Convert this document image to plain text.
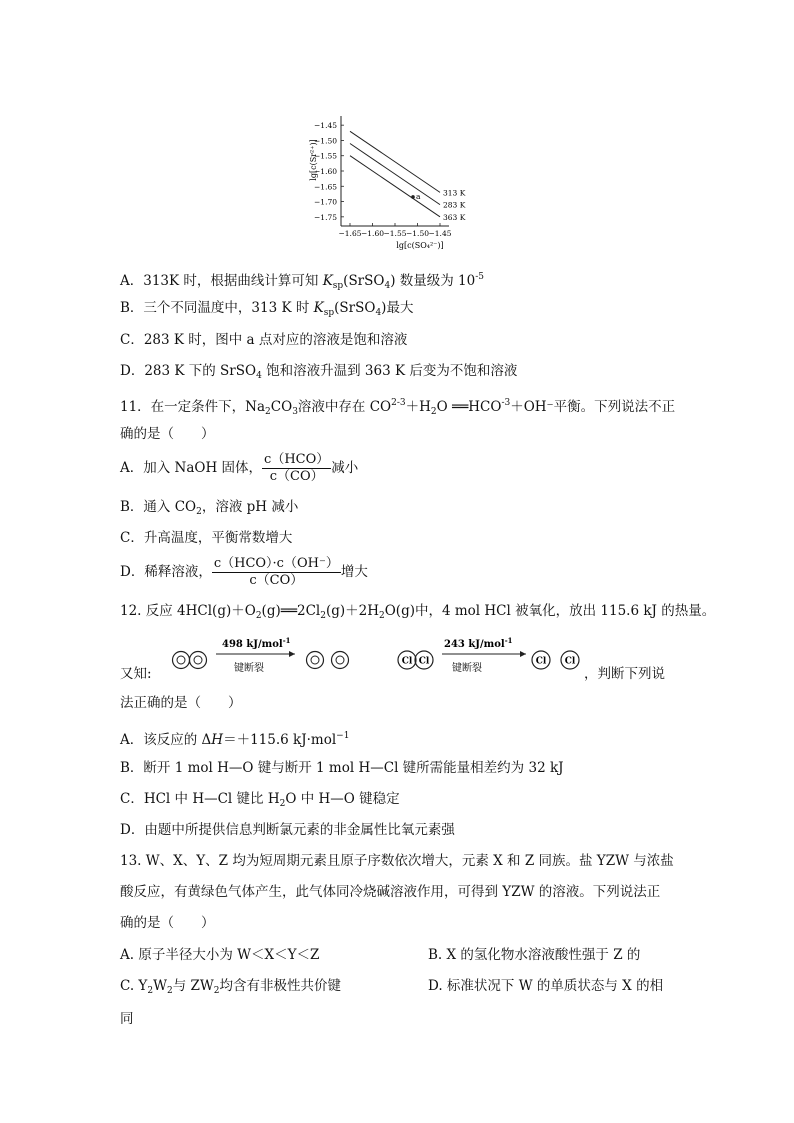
−1.45
−1.50
−1.55
−1.60
−1.65
−1.70
−1.75
−1.65 −1.60 −1.55 −1.50 −1.45
313 K
283 K
363 K
a
lg[c(Sr²⁺)]
lg[c(SO₄²⁻)]
A．313K 时，根据曲线计算可知 $K_{sp}(SrSO_4)$ 数量级为 $10^{-5}$
B．三个不同温度中，313 K 时 $K_{sp}(SrSO_4)$最大
C．283 K 时，图中 a 点对应的溶液是饱和溶液
D．283 K 下的 SrSO$_4$ 饱和溶液升温到 363 K 后变为不饱和溶液
11．在一定条件下，$Na_2CO_3$溶液中存在 $CO^{2-3}+H_2O$ $══HCO^{-3}+OH^-$平衡。下列说法不正
确的是（　　）
A．加入 NaOH 固体， $\frac{\text{c（HCO）}}{c(CO)}$ 减小
B．通入 $CO_2$，溶液 pH 减小
C．升高温度，平衡常数增大
D．稀释溶液， $\frac{\text{c（HCO）·c（OH⁻）}}{c(CO)}$ 增大
12. 反应 $4HCl(g)+O_2(g)══2Cl_2(g)+2H_2O(g)$中，4 mol HCl 被氧化，放出 115.6 kJ 的热量。
498 kJ/mol$^{-1}$
键断裂
Cl Cl
243 kJ/mol$^{-1}$
键断裂
Cl Cl
又知:	，判断下列说
法正确的是（　　）
A．该反应的 ΔH＝＋115.6 kJ·mol$^{-1}$
B．断开 1 mol H—O 键与断开 1 mol H—Cl 键所需能量相差约为 32 kJ
C．HCl 中 H—Cl 键比 $H_2O$ 中 H—O 键稳定
D．由题中所提供信息判断氯元素的非金属性比氧元素强
13. W、X、Y、Z 均为短周期元素且原子序数依次增大，元素 X 和 Z 同族。盐 YZW 与浓盐
酸反应，有黄绿色气体产生，此气体同冷烧碱溶液作用，可得到 YZW 的溶液。下列说法正
确的是（　　）
A. 原子半径大小为 W＜X＜Y＜Z	B. X 的氢化物水溶液酸性强于 Z 的
C. $Y_2W_2$与 $ZW_2$均含有非极性共价键	D. 标准状况下 W 的单质状态与 X 的相
同
